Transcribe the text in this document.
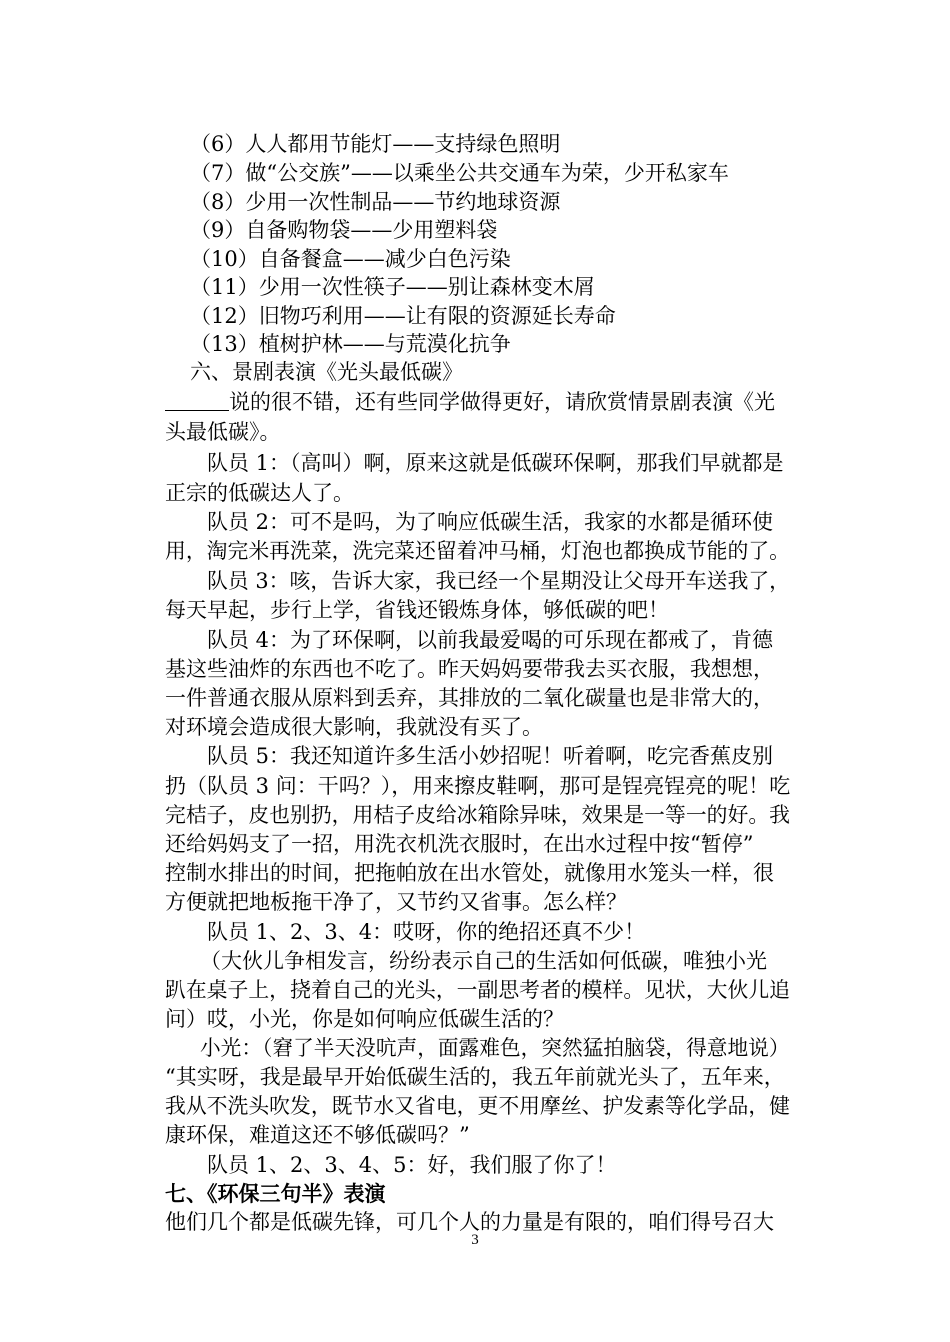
（6）人人都用节能灯——支持绿色照明
（7）做“公交族”——以乘坐公共交通车为荣，少开私家车
（8）少用一次性制品——节约地球资源
（9）自备购物袋——少用塑料袋
（10）自备餐盒——减少白色污染
（11）少用一次性筷子——别让森林变木屑
（12）旧物巧利用——让有限的资源延长寿命
（13）植树护林——与荒漠化抗争
六、景剧表演《光头最低碳》
说的很不错，还有些同学做得更好，请欣赏情景剧表演《光
头最低碳》。
队员 1：（高叫）啊，原来这就是低碳环保啊，那我们早就都是
正宗的低碳达人了。
队员 2：可不是吗，为了响应低碳生活，我家的水都是循环使
用，淘完米再洗菜，洗完菜还留着冲马桶，灯泡也都换成节能的了。
队员 3：咳，告诉大家，我已经一个星期没让父母开车送我了，
每天早起，步行上学，省钱还锻炼身体，够低碳的吧！
队员 4：为了环保啊，以前我最爱喝的可乐现在都戒了，肯德
基这些油炸的东西也不吃了。昨天妈妈要带我去买衣服，我想想，
一件普通衣服从原料到丢弃，其排放的二氧化碳量也是非常大的，
对环境会造成很大影响，我就没有买了。
队员 5：我还知道许多生活小妙招呢！听着啊，吃完香蕉皮别
扔（队员 3 问：干吗？），用来擦皮鞋啊，那可是锃亮锃亮的呢！吃
完桔子，皮也别扔，用桔子皮给冰箱除异味，效果是一等一的好。我
还给妈妈支了一招，用洗衣机洗衣服时，在出水过程中按“暂停”
控制水排出的时间，把拖帕放在出水管处，就像用水笼头一样，很
方便就把地板拖干净了，又节约又省事。怎么样？
队员 1、2、3、4：哎呀，你的绝招还真不少！
（大伙儿争相发言，纷纷表示自己的生活如何低碳，唯独小光
趴在桌子上，挠着自己的光头，一副思考者的模样。见状，大伙儿追
问）哎，小光，你是如何响应低碳生活的？
小光：（窘了半天没吭声，面露难色，突然猛拍脑袋，得意地说）
“其实呀，我是最早开始低碳生活的，我五年前就光头了，五年来，
我从不洗头吹发，既节水又省电，更不用摩丝、护发素等化学品，健
康环保，难道这还不够低碳吗？”
队员 1、2、3、4、5：好，我们服了你了！
七、《环保三句半》表演
他们几个都是低碳先锋，可几个人的力量是有限的，咱们得号召大
3
